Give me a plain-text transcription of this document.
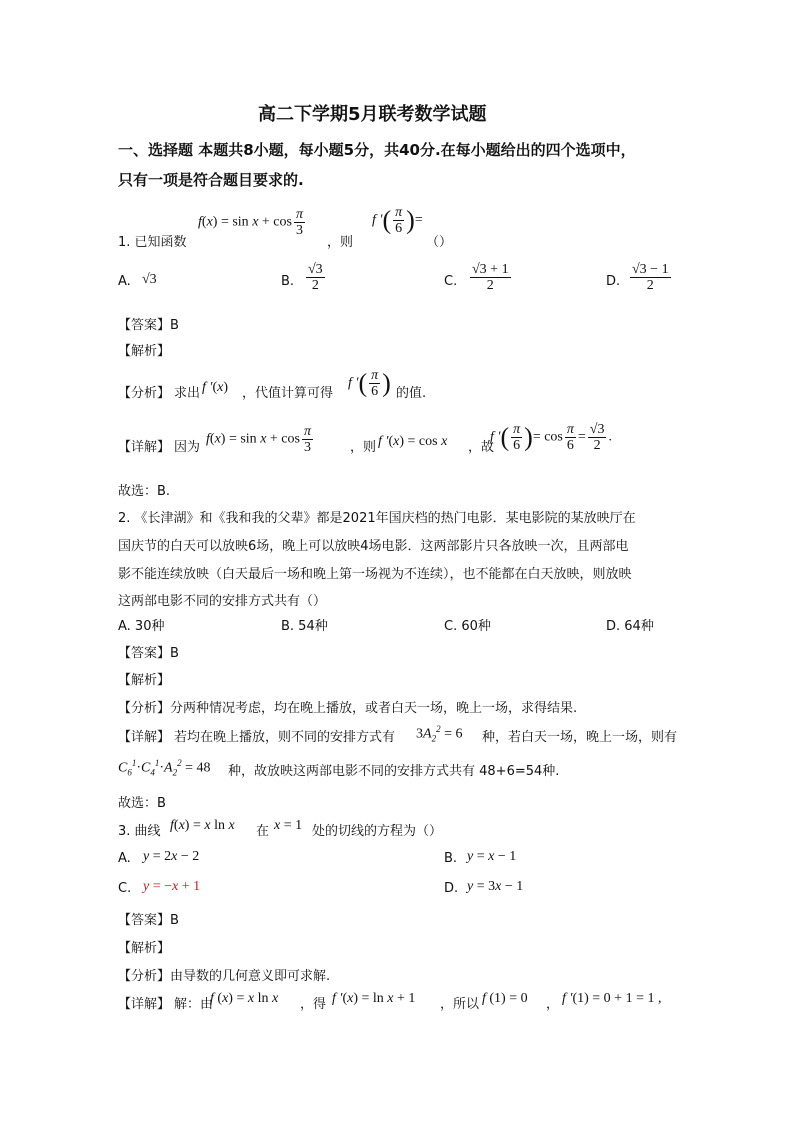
高二下学期5月联考数学试题
一、选择题 本题共8小题，每小题5分，共40分.在每小题给出的四个选项中，
只有一项是符合题目要求的.
1. 已知函数
$f(x) = \sin x + \cos \frac{\pi}{3}$
，则
f ′( $\frac{\pi}{6}$ )=
（）
A. √3	B. $\frac{√3}{2}$	C. $\frac{√3 + 1}{2}$	D. $\frac{√3 - 1}{2}$
【答案】B
【解析】
【分析】 求出 f ′(x) ，代值计算可得
f ′( $\frac{\pi}{6}$ ) 的值.
【详解】 因为
$f(x) = \sin x + \cos \frac{\pi}{3}$	，则 f ′(x) = cos x ，故
f ′( $\frac{\pi}{6}$ )= $\cos \frac{\pi}{6} = \frac{√3}{2}$ .
故选：B.
2. 《长津湖》和《我和我的父辈》都是2021年国庆档的热门电影．某电影院的某放映厅在
国庆节的白天可以放映6场，晚上可以放映4场电影．这两部影片只各放映一次，且两部电
影不能连续放映（白天最后一场和晚上第一场视为不连续），也不能都在白天放映，则放映
这两部电影不同的安排方式共有（）
A. 30种	B. 54种	C. 60种	D. 64种
【答案】B
【解析】
【分析】分两种情况考虑，均在晚上播放，或者白天一场，晚上一场，求得结果.
【详解】 若均在晚上播放，则不同的安排方式有 $3A_2^2 = 6$ 种，若白天一场，晚上一场，则有
$C_6^1\cdot C_4^1\cdot A_2^2 = 48$ 种，故放映这两部电影不同的安排方式共有 48+6=54种.
故选：B
3. 曲线 f(x) = x ln x 在 x = 1 处的切线的方程为（）
A. y = 2x − 2	B. y = x − 1
C. y = −x + 1	D. y = 3x − 1
【答案】B
【解析】
【分析】由导数的几何意义即可求解.
【详解】 解：由
f (x) = x ln x ，得 f ′(x) = ln x + 1 ，所以 f (1) = 0 ， f ′(1) = 0 + 1 = 1 ,
